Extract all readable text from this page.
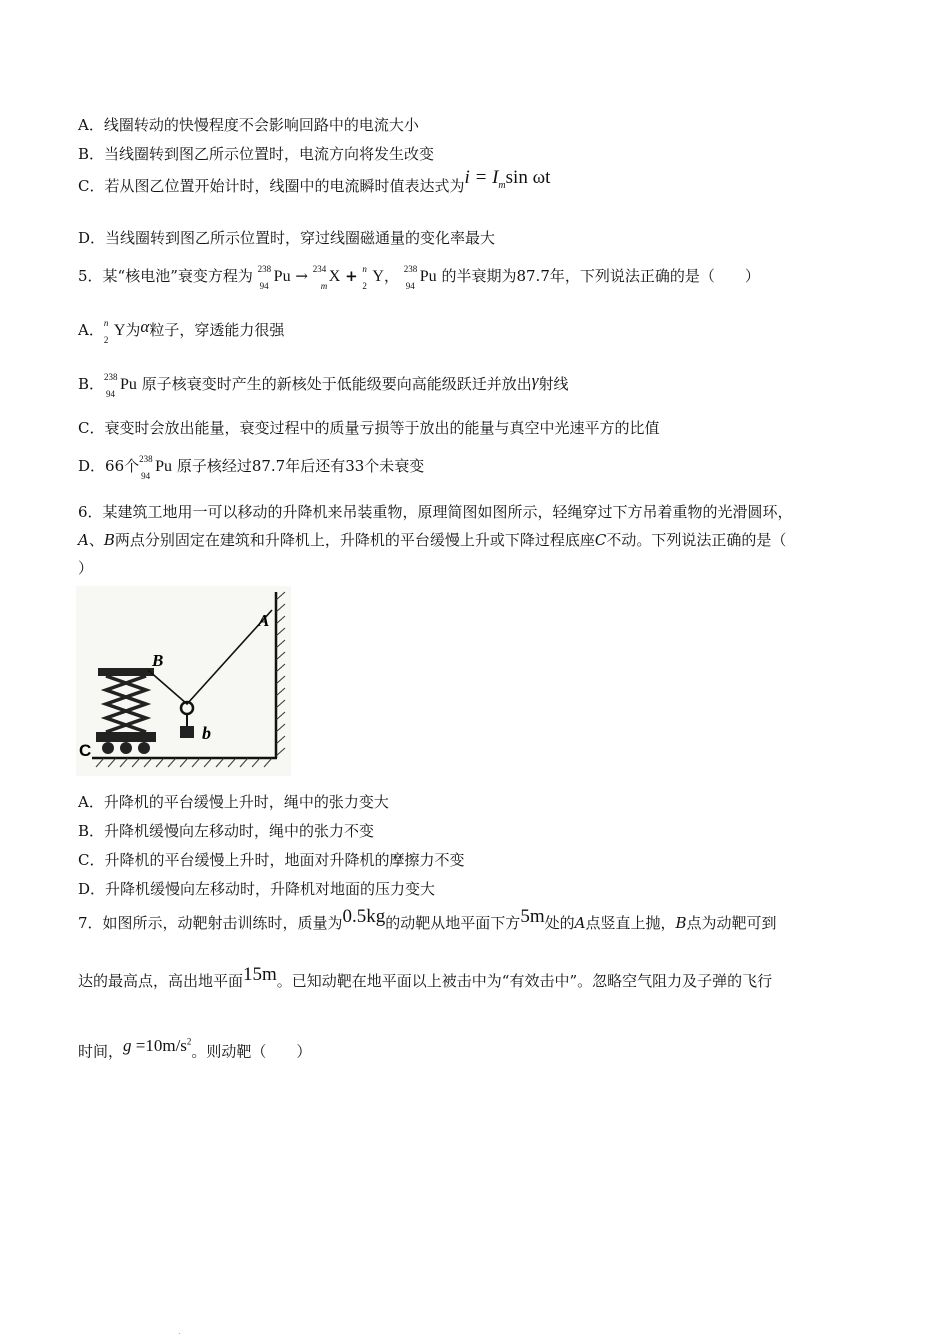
A．线圈转动的快慢程度不会影响回路中的电流大小
B．当线圈转到图乙所示位置时，电流方向将发生改变
C．若从图乙位置开始计时，线圈中的电流瞬时值表达式为$i = I_m\sin$ ωt
D．当线圈转到图乙所示位置时，穿过线圈磁通量的变化率最大
5．某“核电池”衰变方程为 238
94
Pu → 234
m
X + n
2
Y， 238
94
Pu 的半衰期为87.7年，下列说法正确的是（　　）
A． n
2
Y为α粒子，穿透能力很强
B． 238
94
Pu 原子核衰变时产生的新核处于低能级要向高能级跃迁并放出γ射线
C．衰变时会放出能量，衰变过程中的质量亏损等于放出的能量与真空中光速平方的比值
D．66个 238
94
Pu 原子核经过87.7年后还有33个未衰变
6．某建筑工地用一可以移动的升降机来吊装重物，原理简图如图所示，轻绳穿过下方吊着重物的光滑圆环，
A、B两点分别固定在建筑和升降机上，升降机的平台缓慢上升或下降过程底座C不动。下列说法正确的是（
）
A
B
C
b
A．升降机的平台缓慢上升时，绳中的张力变大
B．升降机缓慢向左移动时，绳中的张力不变
C．升降机的平台缓慢上升时，地面对升降机的摩擦力不变
D．升降机缓慢向左移动时，升降机对地面的压力变大
7．如图所示，动靶射击训练时，质量为0.5kg的动靶从地平面下方5m处的A点竖直上抛，B点为动靶可到
达的最高点，高出地平面15m。已知动靶在地平面以上被击中为“有效击中”。忽略空气阻力及子弹的飞行
时间，$g =10m/s^2$。则动靶（　　）
.
